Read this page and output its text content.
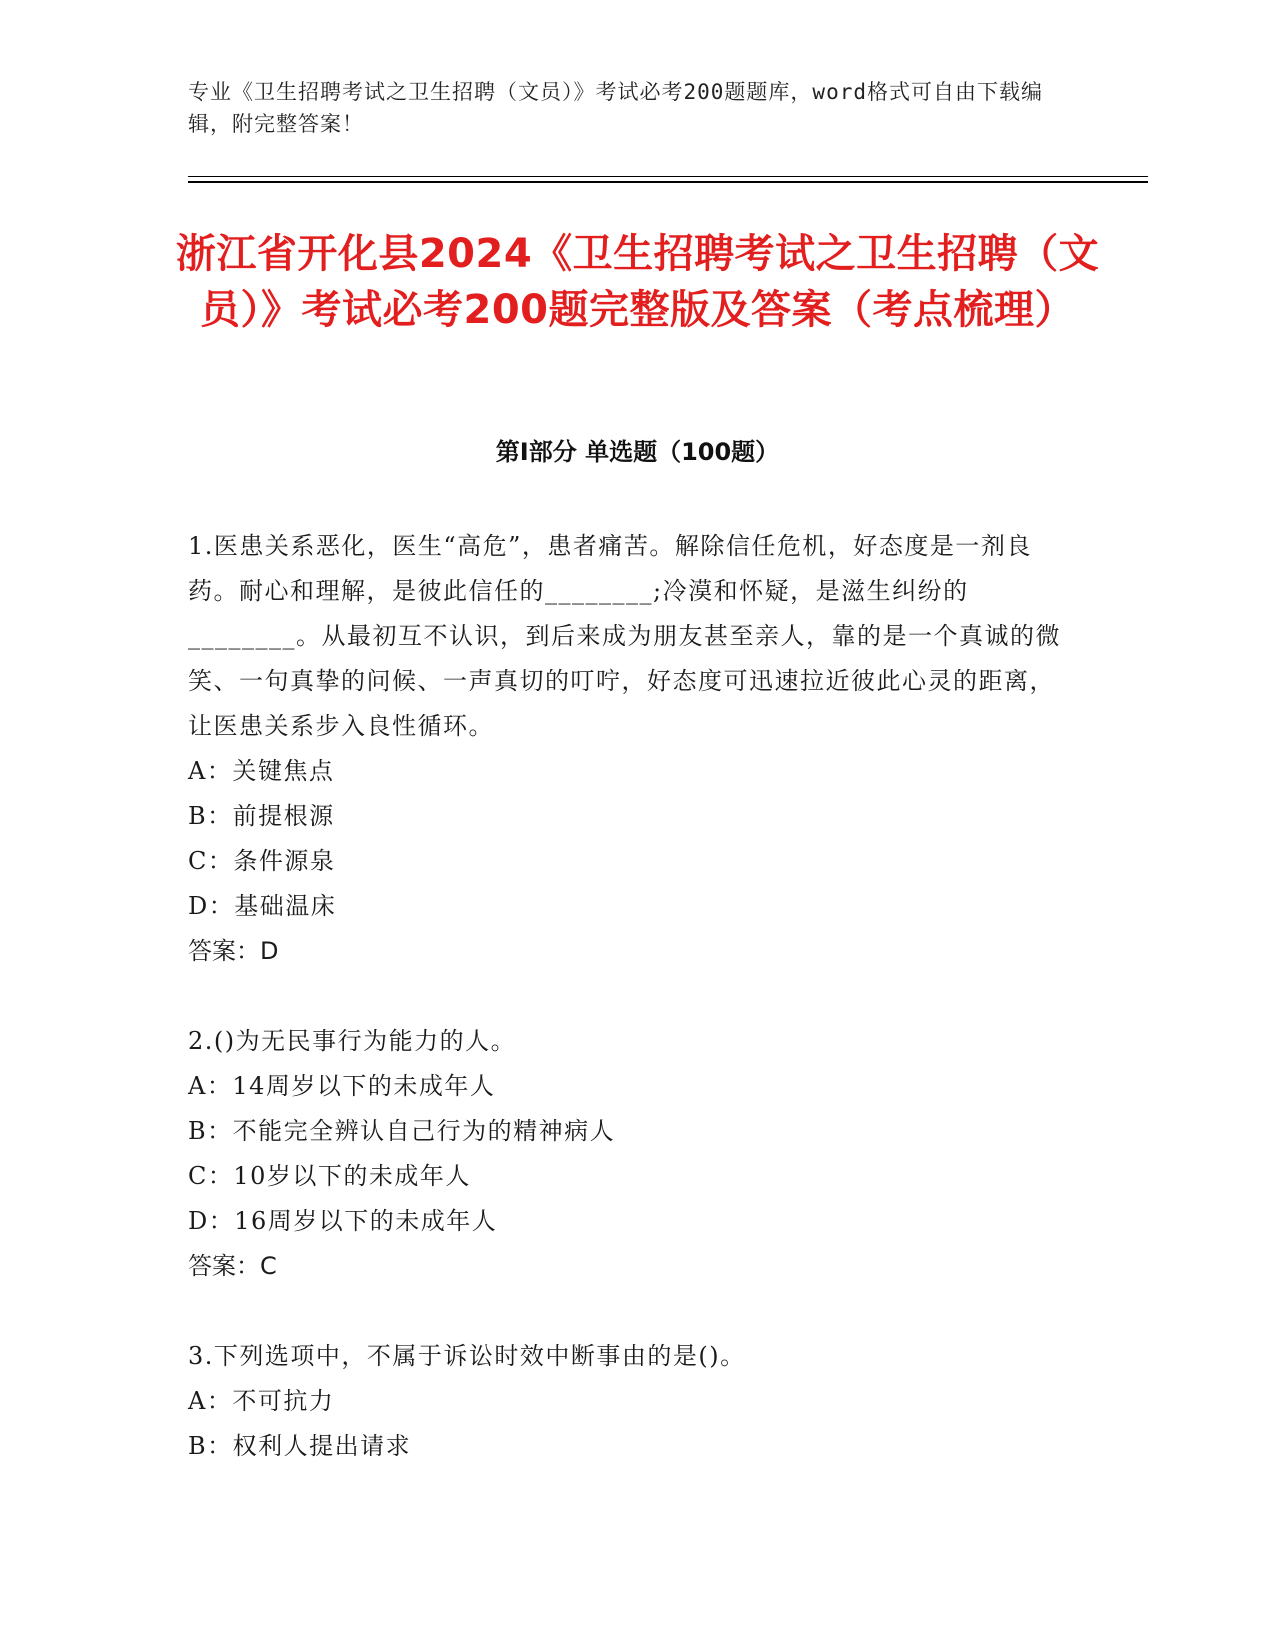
专业《卫生招聘考试之卫生招聘（文员）》考试必考200题题库，word格式可自由下载编辑，附完整答案！
浙江省开化县2024《卫生招聘考试之卫生招聘（文员）》考试必考200题完整版及答案（考点梳理）
第Ⅰ部分 单选题（100题）

1.医患关系恶化，医生“高危”，患者痛苦。解除信任危机，好态度是一剂良药。耐心和理解，是彼此信任的________;冷漠和怀疑，是滋生纠纷的________。从最初互不认识，到后来成为朋友甚至亲人，靠的是一个真诚的微笑、一句真挚的问候、一声真切的叮咛，好态度可迅速拉近彼此心灵的距离，让医患关系步入良性循环。

A：关键焦点

B：前提根源

C：条件源泉

D：基础温床

答案：D

2.()为无民事行为能力的人。

A：14周岁以下的未成年人

B：不能完全辨认自己行为的精神病人

C：10岁以下的未成年人

D：16周岁以下的未成年人

答案：C

3.下列选项中，不属于诉讼时效中断事由的是()。

A：不可抗力

B：权利人提出请求
